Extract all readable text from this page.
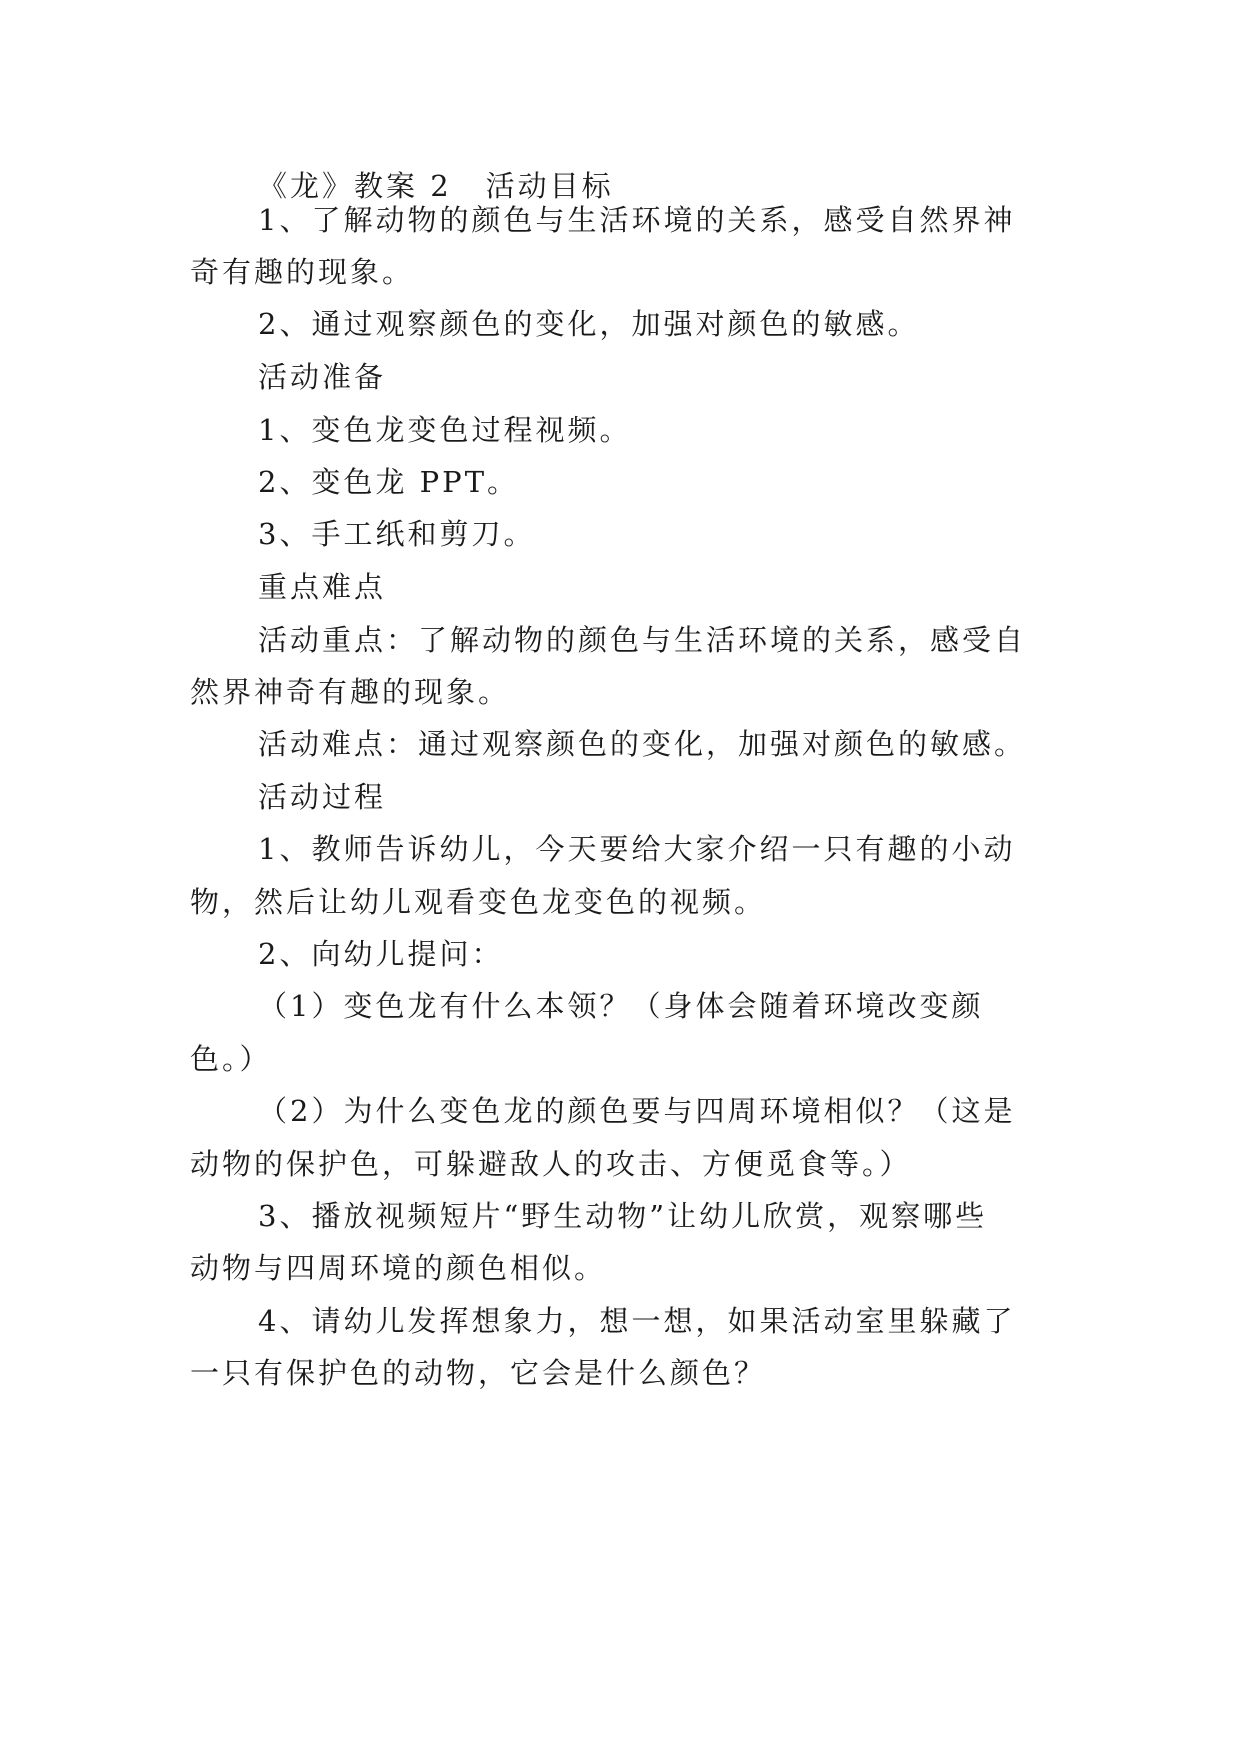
《龙》教案 2 活动目标
1、了解动物的颜色与生活环境的关系，感受自然界神
奇有趣的现象。
2、通过观察颜色的变化，加强对颜色的敏感。
活动准备
1、变色龙变色过程视频。
2、变色龙 PPT。
3、手工纸和剪刀。
重点难点
活动重点：了解动物的颜色与生活环境的关系，感受自
然界神奇有趣的现象。
活动难点：通过观察颜色的变化，加强对颜色的敏感。
活动过程
1、教师告诉幼儿，今天要给大家介绍一只有趣的小动
物，然后让幼儿观看变色龙变色的视频。
2、向幼儿提问：
（1）变色龙有什么本领？（身体会随着环境改变颜
色。）
（2）为什么变色龙的颜色要与四周环境相似？（这是
动物的保护色，可躲避敌人的攻击、方便觅食等。）
3、播放视频短片“野生动物”让幼儿欣赏，观察哪些
动物与四周环境的颜色相似。
4、请幼儿发挥想象力，想一想，如果活动室里躲藏了
一只有保护色的动物，它会是什么颜色？
